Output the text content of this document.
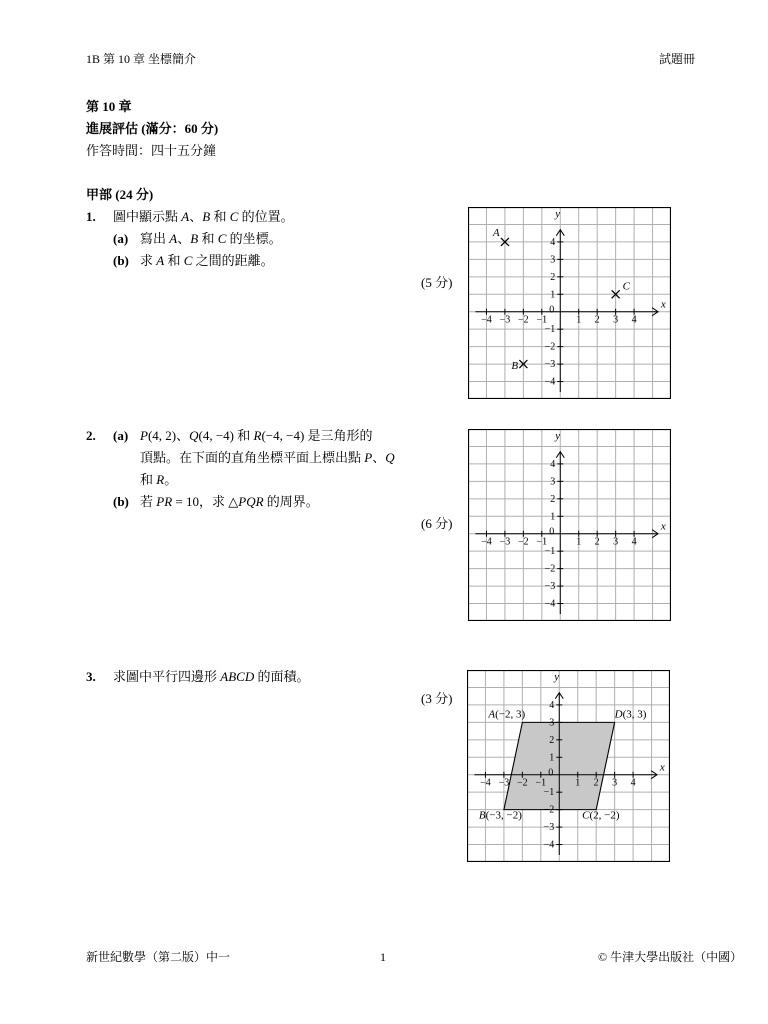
1B 第 10 章 坐標簡介	試題冊
第 10 章
進展評估 (滿分：60 分)
作答時間：四十五分鐘
甲部 (24 分)
1. 圖中顯示點 A、B 和 C 的位置。
(a) 寫出 A、B 和 C 的坐標。
(b) 求 A 和 C 之間的距離。
(5 分)
2. (a) P(4, 2)、Q(4, −4) 和 R(−4, −4) 是三角形的
頂點。在下面的直角坐標平面上標出點 P、Q
和 R。
(b) 若 PR = 10，求 △PQR 的周界。
(6 分)
3. 求圖中平行四邊形 ABCD 的面積。
(3 分)
x
y
0
−4 −3 −2 −1	1 2 3 4
4
3
2
1
−1
−2
−3
−4
A
B
C
x
y
0
−4 −3 −2 −1	1 2 3 4
4
3
2
1
−1
−2
−3
−4
x
y
0
−4 −3 −2 −1	1 2 3 4
4
3
2
1
−1
−2
−3
−4
A(−2, 3)	D(3, 3)
C(2, −2)
B(−3, −2)
新世紀數學（第二版）中一	1	© 牛津大學出版社（中國）
